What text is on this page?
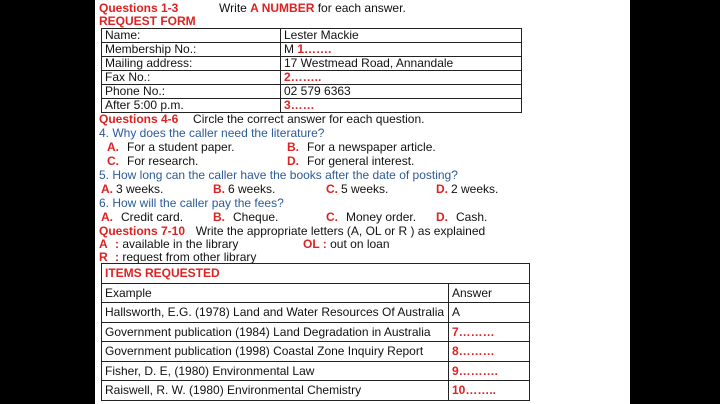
Questions 1-3	Write A NUMBER for each answer.
REQUEST FORM
Name:	Lester Mackie
Membership No.:	M 1…….
Mailing address:	17 Westmead Road, Annandale
Fax No.:	2……..
Phone No.:	02 579 6363
After 5:00 p.m.	3……
Questions 4-6 Circle the correct answer for each question.
4. Why does the caller need the literature?
A. For a student paper.	B. For a newspaper article.
C. For research.	D. For general interest.
5. How long can the caller have the books after the date of posting?
A. 3 weeks.	B. 6 weeks.	C. 5 weeks.	D. 2 weeks.
6. How will the caller pay the fees?
A. Credit card. B. Cheque.	C. Money order. D. Cash.
Questions 7-10 Write the appropriate letters (A, OL or R ) as explained
A : available in the library	OL : out on loan
R : request from other library
ITEMS REQUESTED	
Example	Answer
Hallsworth, E.G. (1978) Land and Water Resources Of Australia	A
Government publication (1984) Land Degradation in Australia	7………
Government publication (1998) Coastal Zone Inquiry Report	8………
Fisher, D. E, (1980) Environmental Law	9……….
Raiswell, R. W. (1980) Environmental Chemistry	10……..
